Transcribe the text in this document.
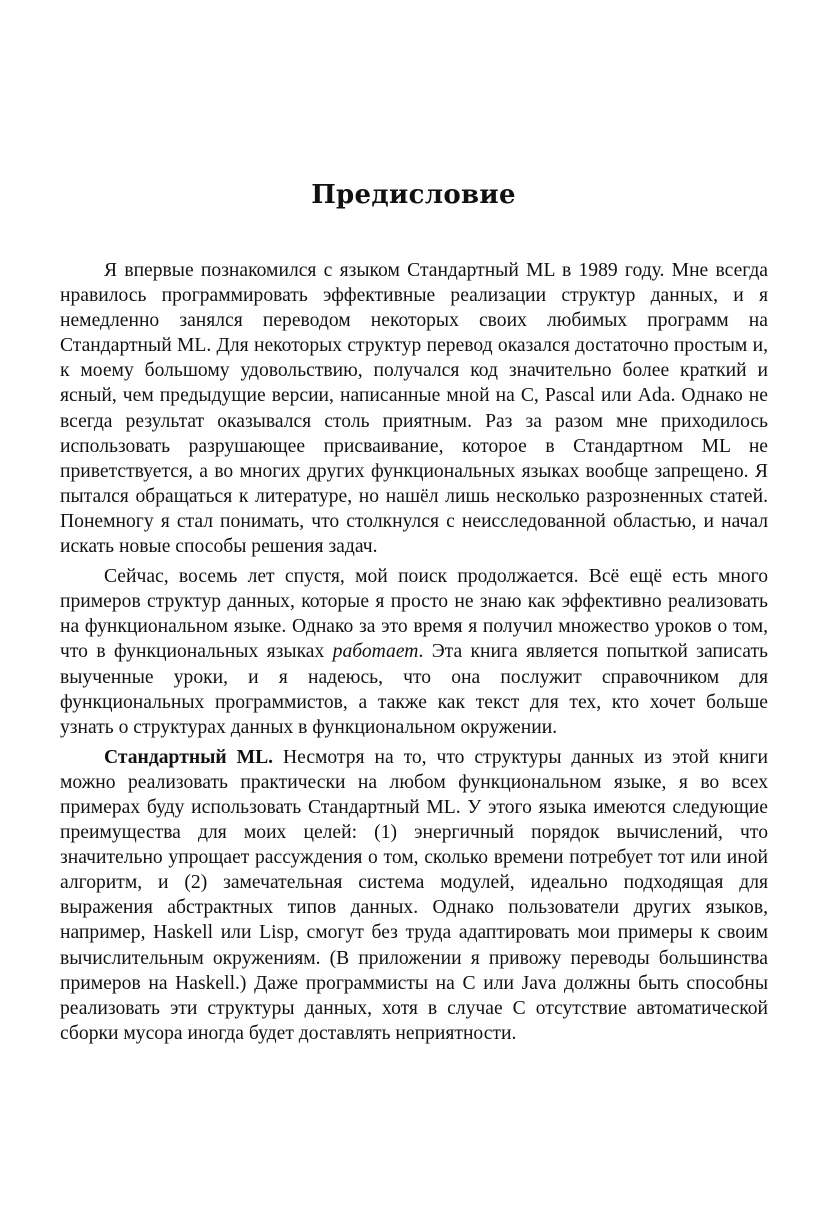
Предисловие

Я впервые познакомился с языком Стандартный ML в 1989 году. Мне всегда нравилось программировать эффективные реализации структур данных, и я немедленно занялся переводом некоторых своих любимых программ на Стандартный ML. Для некоторых структур перевод оказался достаточно простым и, к моему большому удовольствию, получался код значительно более краткий и ясный, чем предыдущие версии, написанные мной на C, Pascal или Ada. Однако не всегда результат оказывался столь приятным. Раз за разом мне приходилось использовать разрушающее присваивание, которое в Стандартном ML не приветствуется, а во многих других функциональных языках вообще запрещено. Я пытался обращаться к литературе, но нашёл лишь несколько разрозненных статей. Понемногу я стал понимать, что столкнулся с неисследованной областью, и начал искать новые способы решения задач.

Сейчас, восемь лет спустя, мой поиск продолжается. Всё ещё есть много примеров структур данных, которые я просто не знаю как эффективно реализовать на функциональном языке. Однако за это время я получил множество уроков о том, что в функциональных языках работает. Эта книга является попыткой записать выученные уроки, и я надеюсь, что она послужит справочником для функциональных программистов, а также как текст для тех, кто хочет больше узнать о структурах данных в функциональном окружении.

Стандартный ML. Несмотря на то, что структуры данных из этой книги можно реализовать практически на любом функциональном языке, я во всех примерах буду использовать Стандартный ML. У этого языка имеются следующие преимущества для моих целей: (1) энергичный порядок вычислений, что значительно упрощает рассуждения о том, сколько времени потребует тот или иной алгоритм, и (2) замечательная система модулей, идеально подходящая для выражения абстрактных типов данных. Однако пользователи других языков, например, Haskell или Lisp, смогут без труда адаптировать мои примеры к своим вычислительным окружениям. (В приложении я привожу переводы большинства примеров на Haskell.) Даже программисты на C или Java должны быть способны реализовать эти структуры данных, хотя в случае C отсутствие автоматической сборки мусора иногда будет доставлять неприятности.
